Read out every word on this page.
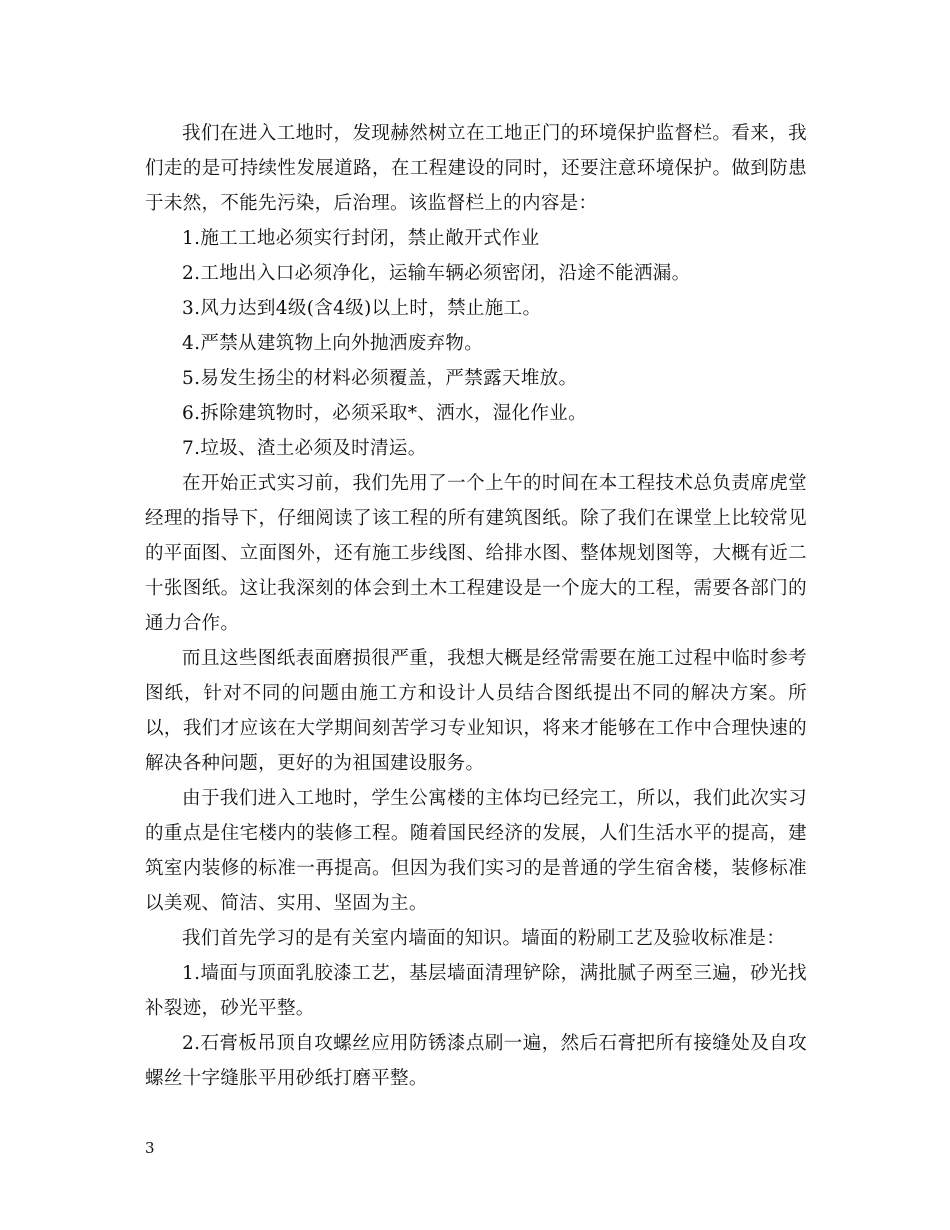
我们在进入工地时，发现赫然树立在工地正门的环境保护监督栏。看来，我们走的是可持续性发展道路，在工程建设的同时，还要注意环境保护。做到防患于未然，不能先污染，后治理。该监督栏上的内容是：

1.施工工地必须实行封闭，禁止敞开式作业

2.工地出入口必须净化，运输车辆必须密闭，沿途不能洒漏。

3.风力达到4级(含4级)以上时，禁止施工。

4.严禁从建筑物上向外抛洒废弃物。

5.易发生扬尘的材料必须覆盖，严禁露天堆放。

6.拆除建筑物时，必须采取*、洒水，湿化作业。

7.垃圾、渣土必须及时清运。

在开始正式实习前，我们先用了一个上午的时间在本工程技术总负责席虎堂经理的指导下，仔细阅读了该工程的所有建筑图纸。除了我们在课堂上比较常见的平面图、立面图外，还有施工步线图、给排水图、整体规划图等，大概有近二十张图纸。这让我深刻的体会到土木工程建设是一个庞大的工程，需要各部门的通力合作。

而且这些图纸表面磨损很严重，我想大概是经常需要在施工过程中临时参考图纸，针对不同的问题由施工方和设计人员结合图纸提出不同的解决方案。所以，我们才应该在大学期间刻苦学习专业知识，将来才能够在工作中合理快速的解决各种问题，更好的为祖国建设服务。

由于我们进入工地时，学生公寓楼的主体均已经完工，所以，我们此次实习的重点是住宅楼内的装修工程。随着国民经济的发展，人们生活水平的提高，建筑室内装修的标准一再提高。但因为我们实习的是普通的学生宿舍楼，装修标准以美观、简洁、实用、坚固为主。

我们首先学习的是有关室内墙面的知识。墙面的粉刷工艺及验收标准是：

1.墙面与顶面乳胶漆工艺，基层墙面清理铲除，满批腻子两至三遍，砂光找补裂迹，砂光平整。

2.石膏板吊顶自攻螺丝应用防锈漆点刷一遍，然后石膏把所有接缝处及自攻螺丝十字缝胀平用砂纸打磨平整。

3
